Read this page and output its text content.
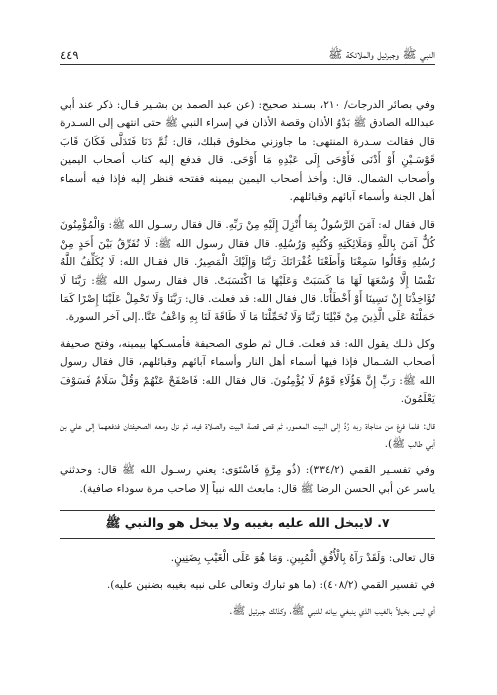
النبي ﷺ وجبرئيل والملائكة ﷺ
٤٤٩

وفي بصائر الدرجات/ ٢١٠، بسـند صحيح: (عن عبد الصمد بن بشـير قـال: ذكر عند أبي عبدالله الصادق ﷺ بَدْوُ الأذان وقصة الأذان في إسراء النبي ﷺ حتى انتهى إلى السـدرة قال فقالت سـدرة المنتهى: ما جاوزني مخلوق قبلك، قال: ثُمَّ دَنَا فَتَدَلَّى فَكَانَ قَابَ قَوْسَـيْنِ أَوْ أَدْنَى فَأَوْحَى إِلَى عَبْدِهِ مَا أَوْحَى. قال فدفع إليه كتاب أصحاب اليمين وأصحاب الشمال. قال: وأخذ أصحاب اليمين بيمينه ففتحه فنظر إليه فإذا فيه أسماء أهل الجنة وأسماء آبائهم وقبائلهم.

قال فقال له: آمَنَ الرَّسُولُ بِمَا أُنْزِلَ إِلَيْهِ مِنْ رَبِّهِ. قال فقال رسـول الله ﷺ: وَالْمُؤْمِنُونَ كُلٌّ آمَنَ بِاللَّهِ وَمَلَائِكَتِهِ وَكُتُبِهِ وَرُسُلِهِ. قال فقال رسول الله ﷺ: لَا نُفَرِّقُ بَيْنَ أَحَدٍ مِنْ رُسُلِهِ وَقَالُوا سَمِعْنَا وَأَطَعْنَا غُفْرَانَكَ رَبَّنَا وَإِلَيْكَ الْمَصِيرُ. قال فقـال الله: لَا يُكَلِّفُ اللَّهُ نَفْسًا إِلَّا وُسْعَهَا لَهَا مَا كَسَبَتْ وَعَلَيْهَا مَا اكْتَسَبَتْ. قال فقال رسول الله ﷺ: رَبَّنَا لَا تُؤَاخِذْنَا إِنْ نَسِينَا أَوْ أَخْطَأْنَا. قال فقال الله: قد فعلت. قال: رَبَّنَا وَلَا تَحْمِلْ عَلَيْنَا إِصْرًا كَمَا حَمَلْتَهُ عَلَى الَّذِينَ مِنْ قَبْلِنَا رَبَّنَا وَلَا تُحَمِّلْنَا مَا لَا طَاقَةَ لَنَا بِهِ وَاعْفُ عَنَّا..إلى آخر السورة.

وكل ذلـك يقول الله: قد فعلت. قـال ثم طوى الصحيفة فأمسـكها بيمينه، وفتح صحيفة أصحاب الشـمال فإذا فيها أسماء أهل النار وأسماء آبائهم وقبائلهم، قال فقال رسول الله ﷺ: رَبِّ إِنَّ هَؤُلَاءِ قَوْمٌ لَا يُؤْمِنُونَ. قال فقال الله: فَاصْفَحْ عَنْهُمْ وَقُلْ سَلَامٌ فَسَوْفَ يَعْلَمُونَ.

قال: فلما فرغ من مناجاة ربه رُدَّ إلى البيت المعمور، ثم قص قصة البيت والصلاة فيه، ثم نزل ومعه الصحيفتان فدفعهما إلى علي بن أبي طالب ﷺ).

وفي تفسـير القمي (٣٣٤/٢): (ذُو مِرَّةٍ فَاسْتَوَى: يعني رسـول الله ﷺ قال: وحدثني ياسر عن أبي الحسن الرضا ﷺ قال: مابعث الله نبياً إلا صاحب مرة سوداء صافية).

٧. لايبخل الله عليه بغيبه ولا يبخل هو والنبي ﷺ

قال تعالى: وَلَقَدْ رَآهُ بِالْأُفُقِ الْمُبِينِ. وَمَا هُوَ عَلَى الْغَيْبِ بِضَنِينٍ.

في تفسير القمي (٤٠٨/٢): (ما هو تبارك وتعالى على نبيه بغيبه بضنين عليه).

أي ليس بخيلاً بالغيب الذي ينبغي بيانه للنبي ﷺ، وكذلك جبرئيل ﷺ.
